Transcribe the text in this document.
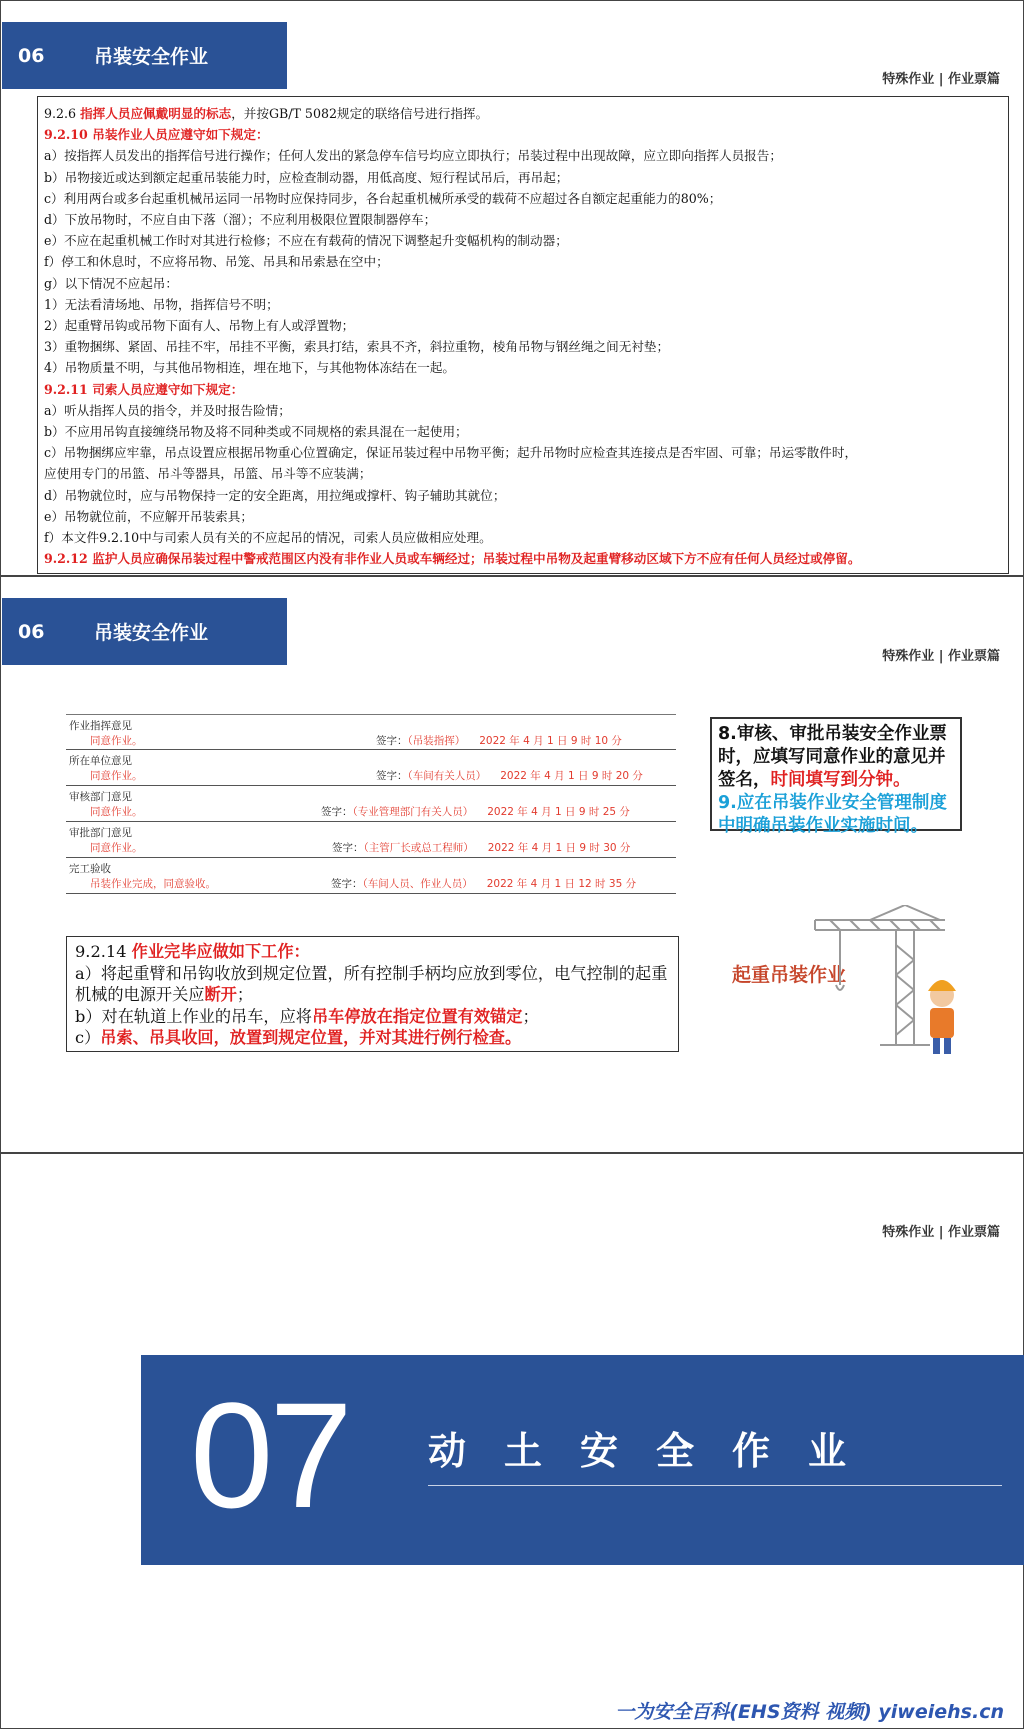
06	吊装安全作业
特殊作业 | 作业票篇
9.2.6 指挥人员应佩戴明显的标志，并按GB/T 5082规定的联络信号进行指挥。
9.2.10 吊装作业人员应遵守如下规定：
a）按指挥人员发出的指挥信号进行操作；任何人发出的紧急停车信号均应立即执行；吊装过程中出现故障，应立即向指挥人员报告；
b）吊物接近或达到额定起重吊装能力时，应检查制动器，用低高度、短行程试吊后，再吊起；
c）利用两台或多台起重机械吊运同一吊物时应保持同步，各台起重机械所承受的载荷不应超过各自额定起重能力的80%；
d）下放吊物时，不应自由下落（溜）；不应利用极限位置限制器停车；
e）不应在起重机械工作时对其进行检修；不应在有载荷的情况下调整起升变幅机构的制动器；
f）停工和休息时，不应将吊物、吊笼、吊具和吊索悬在空中；
g）以下情况不应起吊：
1）无法看清场地、吊物，指挥信号不明；
2）起重臂吊钩或吊物下面有人、吊物上有人或浮置物；
3）重物捆绑、紧固、吊挂不牢，吊挂不平衡，索具打结，索具不齐，斜拉重物，棱角吊物与钢丝绳之间无衬垫；
4）吊物质量不明，与其他吊物相连，埋在地下，与其他物体冻结在一起。
9.2.11 司索人员应遵守如下规定：
a）听从指挥人员的指令，并及时报告险情；
b）不应用吊钩直接缠绕吊物及将不同种类或不同规格的索具混在一起使用；
c）吊物捆绑应牢靠，吊点设置应根据吊物重心位置确定，保证吊装过程中吊物平衡；起升吊物时应检查其连接点是否牢固、可靠；吊运零散件时，
应使用专门的吊篮、吊斗等器具，吊篮、吊斗等不应装满；
d）吊物就位时，应与吊物保持一定的安全距离，用拉绳或撑杆、钩子辅助其就位；
e）吊物就位前，不应解开吊装索具；
f）本文件9.2.10中与司索人员有关的不应起吊的情况，司索人员应做相应处理。
9.2.12 监护人员应确保吊装过程中警戒范围区内没有非作业人员或车辆经过；吊装过程中吊物及起重臂移动区域下方不应有任何人员经过或停留。
06	吊装安全作业
特殊作业 | 作业票篇
作业指挥意见
同意作业。	签字：（吊装指挥） 2022 年 4 月 1 日 9 时 10 分
所在单位意见
同意作业。	签字：（车间有关人员） 2022 年 4 月 1 日 9 时 20 分
审核部门意见
同意作业。	签字：（专业管理部门有关人员） 2022 年 4 月 1 日 9 时 25 分
审批部门意见
同意作业。	签字：（主管厂长或总工程师） 2022 年 4 月 1 日 9 时 30 分
完工验收
吊装作业完成，同意验收。	签字：（车间人员、作业人员） 2022 年 4 月 1 日 12 时 35 分
8.审核、审批吊装安全作业票时，应填写同意作业的意见并签名，时间填写到分钟。
9.应在吊装作业安全管理制度中明确吊装作业实施时间。
9.2.14 作业完毕应做如下工作：
a）将起重臂和吊钩收放到规定位置，所有控制手柄均应放到零位，电气控制的起重机械的电源开关应断开；
b）对在轨道上作业的吊车，应将吊车停放在指定位置有效锚定；
c）吊索、吊具收回，放置到规定位置，并对其进行例行检查。
起重吊装作业
特殊作业 | 作业票篇
07 动土安全作业
一为安全百科(EHS资料 视频) yiweiehs.cn
